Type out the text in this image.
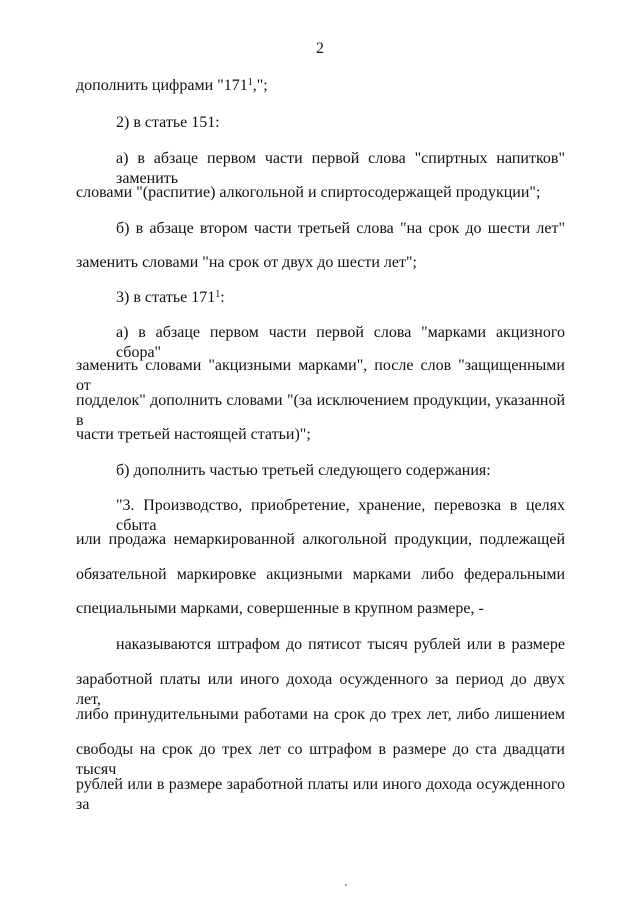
2
дополнить цифрами "$171^1$,";
2) в статье 151:
а) в абзаце первом части первой слова "спиртных напитков" заменить
словами "(распитие) алкогольной и спиртосодержащей продукции";
б) в абзаце втором части третьей слова "на срок до шести лет"
заменить словами "на срок от двух до шести лет";
3) в статье $171^1$:
а) в абзаце первом части первой слова "марками акцизного сбора"
заменить словами "акцизными марками", после слов "защищенными от
подделок" дополнить словами "(за исключением продукции, указанной в
части третьей настоящей статьи)";
б) дополнить частью третьей следующего содержания:
"3. Производство, приобретение, хранение, перевозка в целях сбыта
или продажа немаркированной алкогольной продукции, подлежащей
обязательной маркировке акцизными марками либо федеральными
специальными марками, совершенные в крупном размере, -
наказываются штрафом до пятисот тысяч рублей или в размере
заработной платы или иного дохода осужденного за период до двух лет,
либо принудительными работами на срок до трех лет, либо лишением
свободы на срок до трех лет со штрафом в размере до ста двадцати тысяч
рублей или в размере заработной платы или иного дохода осужденного за
